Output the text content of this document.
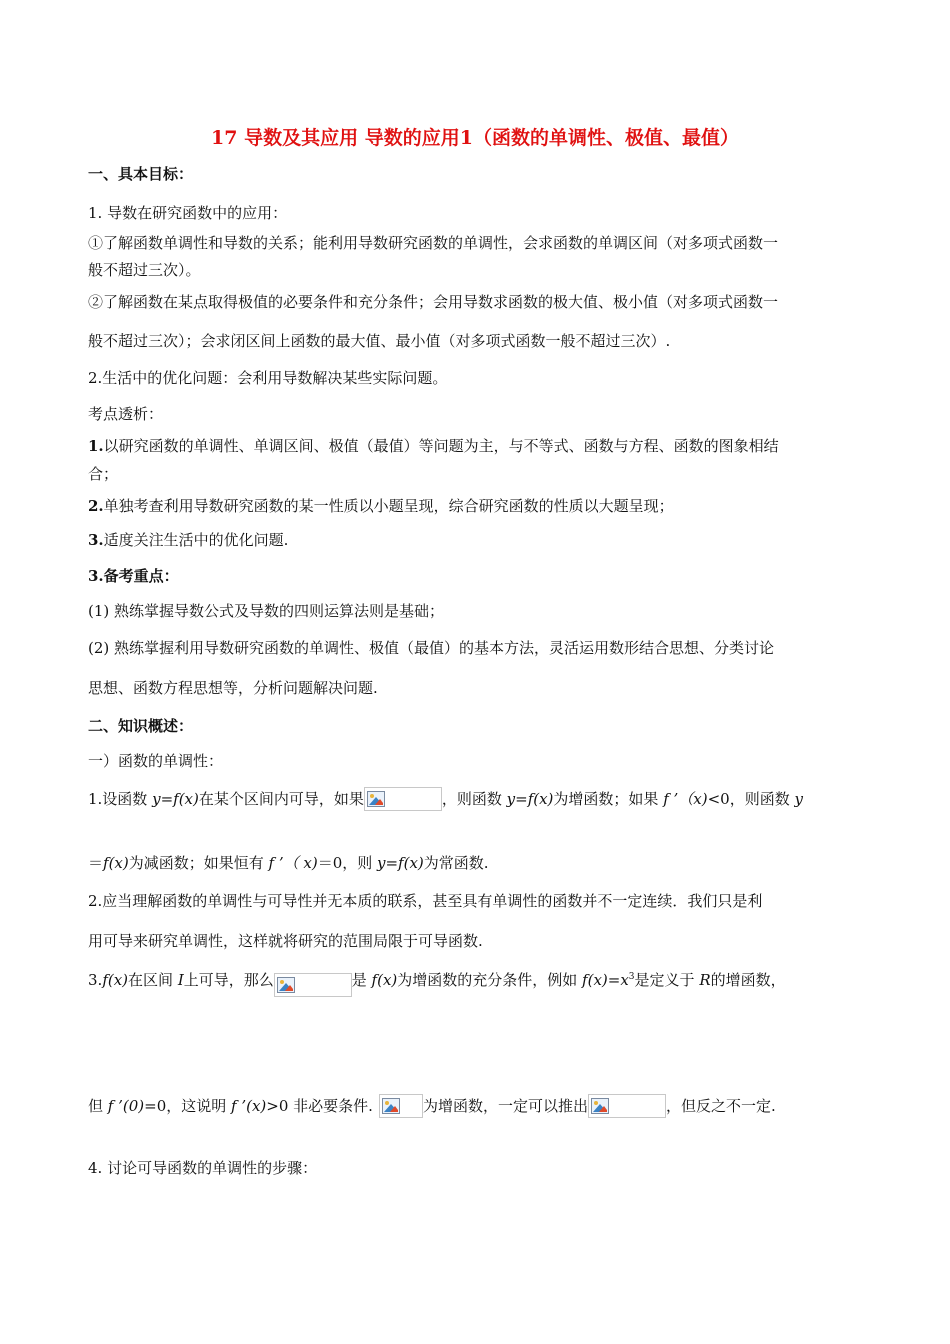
17 导数及其应用 导数的应用1（函数的单调性、极值、最值）
一、具本目标：
1. 导数在研究函数中的应用：
①了解函数单调性和导数的关系；能利用导数研究函数的单调性，会求函数的单调区间（对多项式函数一
般不超过三次）。
②了解函数在某点取得极值的必要条件和充分条件；会用导数求函数的极大值、极小值（对多项式函数一
般不超过三次）；会求闭区间上函数的最大值、最小值（对多项式函数一般不超过三次）.
2.生活中的优化问题：会利用导数解决某些实际问题。
考点透析：
1.以研究函数的单调性、单调区间、极值（最值）等问题为主，与不等式、函数与方程、函数的图象相结
合；
2.单独考查利用导数研究函数的某一性质以小题呈现，综合研究函数的性质以大题呈现；
3.适度关注生活中的优化问题.
3.备考重点：
(1) 熟练掌握导数公式及导数的四则运算法则是基础；
(2) 熟练掌握利用导数研究函数的单调性、极值（最值）的基本方法，灵活运用数形结合思想、分类讨论
思想、函数方程思想等，分析问题解决问题.
二、知识概述：
一）函数的单调性：
1.设函数 y=f(x)在某个区间内可导，如果	，则函数 y=f(x)为增函数；如果 f ’（x)<0，则函数 y
＝f(x)为减函数；如果恒有 f ’（ x)＝0，则 y=f(x)为常函数.
2.应当理解函数的单调性与可导性并无本质的联系，甚至具有单调性的函数并不一定连续．我们只是利
用可导来研究单调性，这样就将研究的范围局限于可导函数.
3.f(x)在区间 I上可导，那么	是 f(x)为增函数的充分条件，例如 $f(x)=x^3$是定义于 R的增函数，
但 f ’(0)=0，这说明 f ’(x)>0 非必要条件.	为增函数，一定可以推出	，但反之不一定.
4. 讨论可导函数的单调性的步骤：
